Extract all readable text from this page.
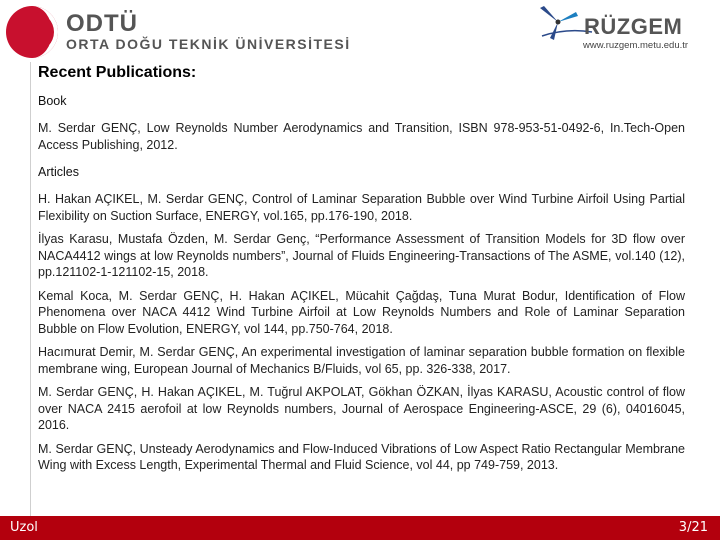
ODTÜ
ORTA DOĞU TEKNİK ÜNİVERSİTESİ
RÜZGEM
www.ruzgem.metu.edu.tr
Recent Publications:
Book
M. Serdar GENÇ, Low Reynolds Number Aerodynamics and Transition, ISBN 978-953-51-0492-6, In.Tech-Open Access Publishing, 2012.
Articles
H. Hakan AÇIKEL, M. Serdar GENÇ, Control of Laminar Separation Bubble over Wind Turbine Airfoil Using Partial Flexibility on Suction Surface, ENERGY, vol.165, pp.176-190, 2018.
İlyas Karasu, Mustafa Özden, M. Serdar Genç, “Performance Assessment of Transition Models for 3D flow over NACA4412 wings at low Reynolds numbers”, Journal of Fluids Engineering-Transactions of The ASME, vol.140 (12), pp.121102-1-121102-15, 2018.
Kemal Koca, M. Serdar GENÇ, H. Hakan AÇIKEL, Mücahit Çağdaş, Tuna Murat Bodur, Identification of Flow Phenomena over NACA 4412 Wind Turbine Airfoil at Low Reynolds Numbers and Role of Laminar Separation Bubble on Flow Evolution, ENERGY, vol 144, pp.750-764, 2018.
Hacımurat Demir, M. Serdar GENÇ, An experimental investigation of laminar separation bubble formation on flexible membrane wing, European Journal of Mechanics B/Fluids, vol 65, pp. 326-338, 2017.
M. Serdar GENÇ, H. Hakan AÇIKEL, M. Tuğrul AKPOLAT, Gökhan ÖZKAN, İlyas KARASU, Acoustic control of flow over NACA 2415 aerofoil at low Reynolds numbers, Journal of Aerospace Engineering-ASCE, 29 (6), 04016045, 2016.
M. Serdar GENÇ, Unsteady Aerodynamics and Flow-Induced Vibrations of Low Aspect Ratio Rectangular Membrane Wing with Excess Length, Experimental Thermal and Fluid Science, vol 44, pp 749-759, 2013.
Uzol	3/21
